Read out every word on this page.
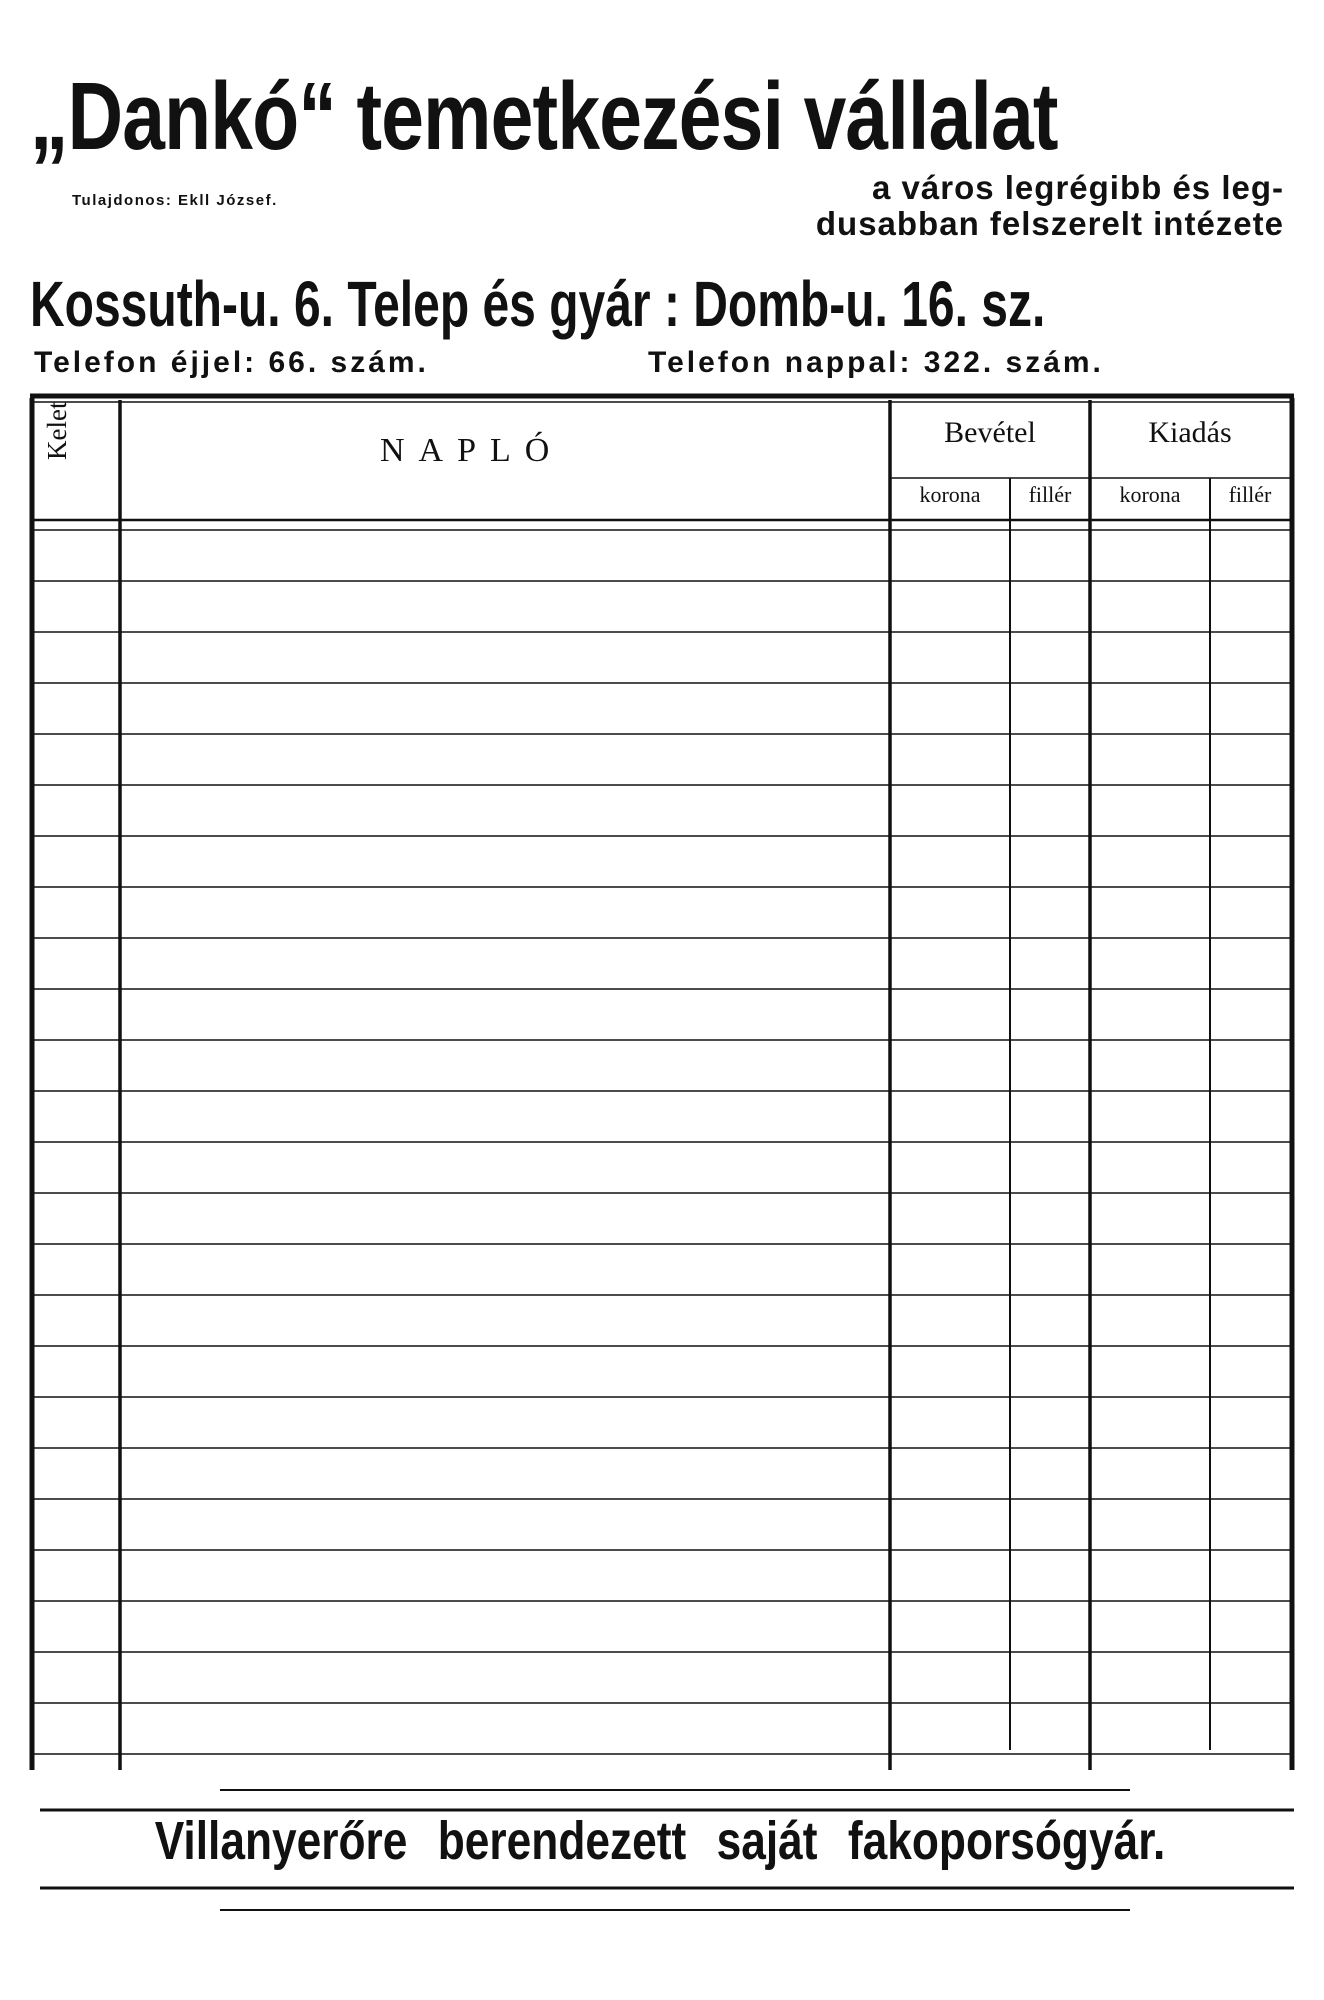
„Dankó“ temetkezési vállalat
Tulajdonos: Ekll József.	a város legrégibb és leg-
dusabban felszerelt intézete
Kossuth-u. 6. Telep és gyár : Domb-u. 16. sz.
Telefon éjjel: 66. szám.	Telefon nappal: 322. szám.
Kelet	NAPLÓ	Bevétel	Kiadás
korona	fillér	korona	fillér
Villanyerőre berendezett saját fakoporsógyár.
